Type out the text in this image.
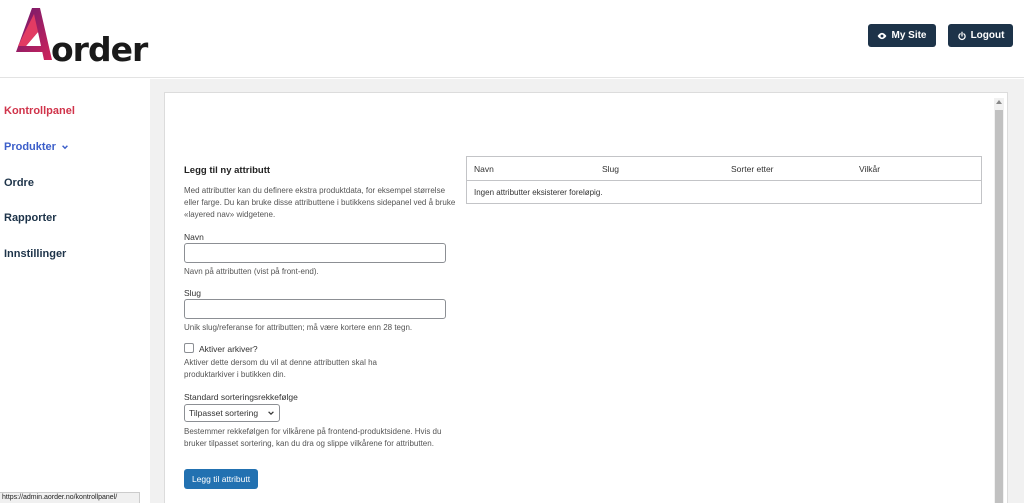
order	My Site	Logout
Kontrollpanel
Produkter
Ordre
Rapporter
Innstillinger
Legg til ny attributt
Med attributter kan du definere ekstra produktdata, for eksempel størrelse eller farge. Du kan bruke disse attributtene i butikkens sidepanel ved å bruke «layered nav» widgetene.
Navn
Navn på attributten (vist på front-end).
Slug
Unik slug/referanse for attributten; må være kortere enn 28 tegn.
Aktiver arkiver?
Aktiver dette dersom du vil at denne attributten skal ha produktarkiver i butikken din.
Standard sorteringsrekkefølge
Tilpasset sortering
Bestemmer rekkefølgen for vilkårene på frontend-produktsidene. Hvis du bruker tilpasset sortering, kan du dra og slippe vilkårene for attributten.
Legg til attributt
Navn	Slug	Sorter etter	Vilkår
Ingen attributter eksisterer foreløpig.
https://admin.aorder.no/kontrollpanel/
